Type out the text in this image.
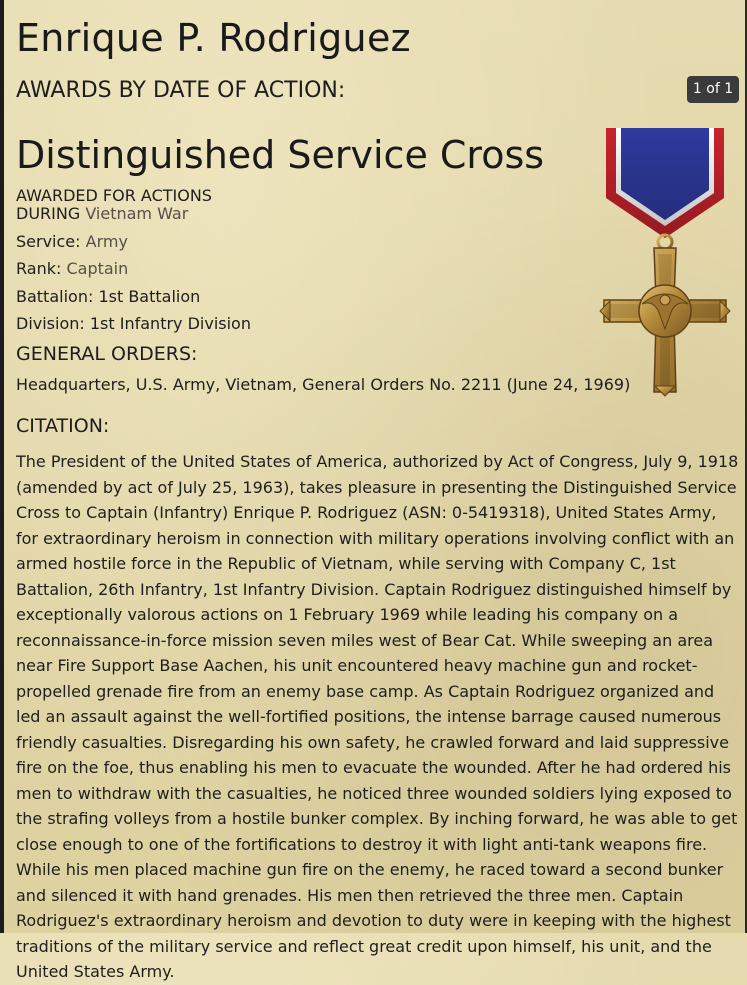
Enrique P. Rodriguez
AWARDS BY DATE OF ACTION:	1 of 1
Distinguished Service Cross
AWARDED FOR ACTIONS
DURING Vietnam War
Service: Army
Rank: Captain
Battalion: 1st Battalion
Division: 1st Infantry Division
GENERAL ORDERS:
Headquarters, U.S. Army, Vietnam, General Orders No. 2211 (June 24, 1969)
CITATION:
The President of the United States of America, authorized by Act of Congress, July 9, 1918 (amended by act of July 25, 1963), takes pleasure in presenting the Distinguished Service Cross to Captain (Infantry) Enrique P. Rodriguez (ASN: 0-5419318), United States Army, for extraordinary heroism in connection with military operations involving conflict with an armed hostile force in the Republic of Vietnam, while serving with Company C, 1st Battalion, 26th Infantry, 1st Infantry Division. Captain Rodriguez distinguished himself by exceptionally valorous actions on 1 February 1969 while leading his company on a reconnaissance-in-force mission seven miles west of Bear Cat. While sweeping an area near Fire Support Base Aachen, his unit encountered heavy machine gun and rocket-propelled grenade fire from an enemy base camp. As Captain Rodriguez organized and led an assault against the well-fortified positions, the intense barrage caused numerous friendly casualties. Disregarding his own safety, he crawled forward and laid suppressive fire on the foe, thus enabling his men to evacuate the wounded. After he had ordered his men to withdraw with the casualties, he noticed three wounded soldiers lying exposed to the strafing volleys from a hostile bunker complex. By inching forward, he was able to get close enough to one of the fortifications to destroy it with light anti-tank weapons fire. While his men placed machine gun fire on the enemy, he raced toward a second bunker and silenced it with hand grenades. His men then retrieved the three men. Captain Rodriguez's extraordinary heroism and devotion to duty were in keeping with the highest traditions of the military service and reflect great credit upon himself, his unit, and the United States Army.
